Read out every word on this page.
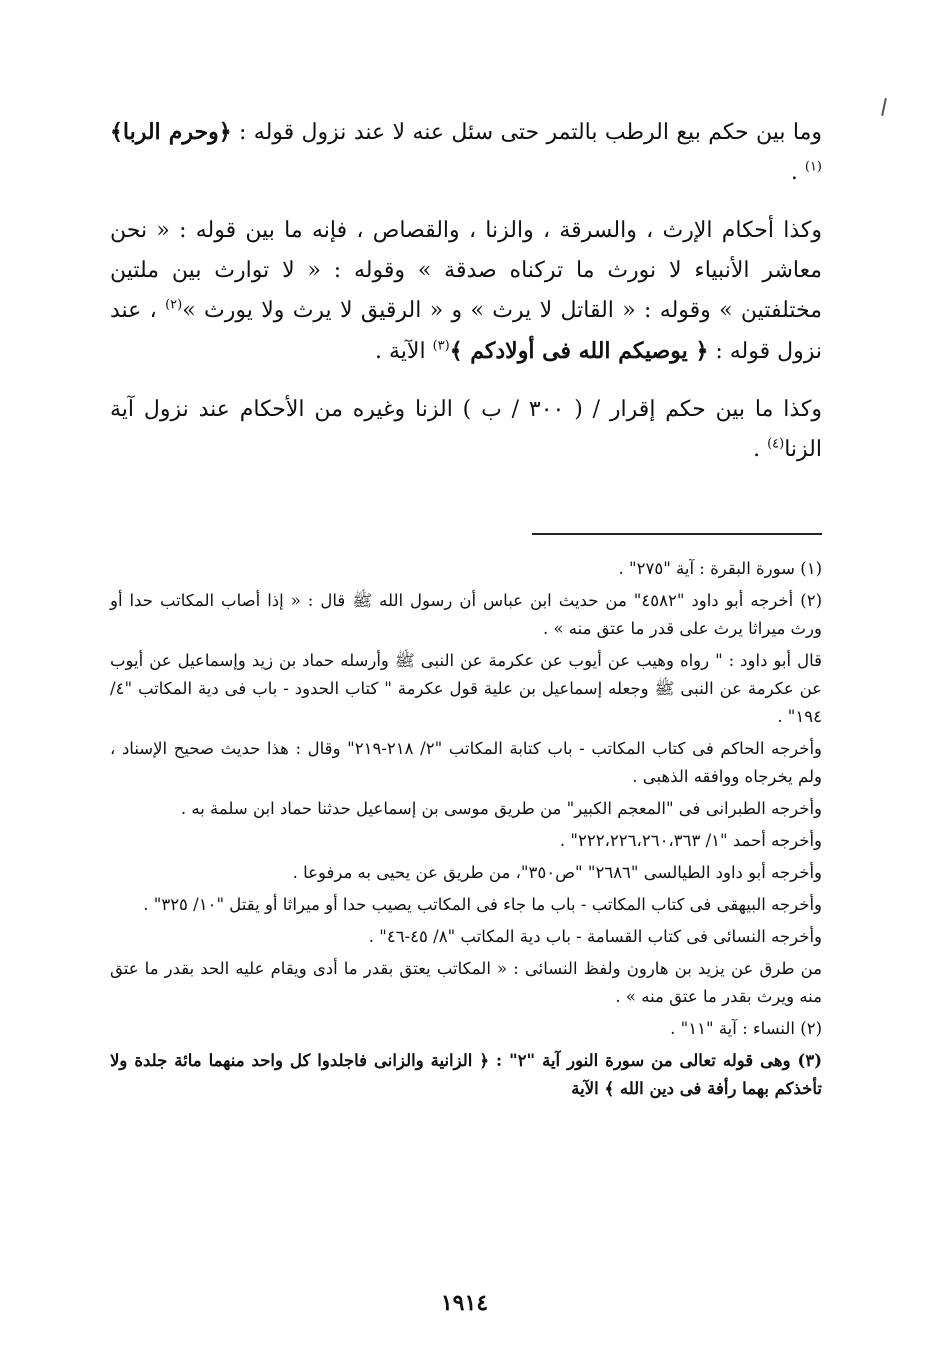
وما بين حكم بيع الرطب بالتمر حتى سئل عنه لا عند نزول قوله : ﴿وحرم الربا﴾ $^{(١)}$ .

وكذا أحكام الإرث ، والسرقة ، والزنا ، والقصاص ، فإنه ما بين قوله : « نحن معاشر الأنبياء لا نورث ما تركناه صدقة » وقوله : « لا توارث بين ملتين مختلفتين » وقوله : « القاتل لا يرث » و « الرقيق لا يرث ولا يورث »$^{(٢)}$ ، عند نزول قوله : ﴿ يوصيكم الله فى أولادكم ﴾$^{(٣)}$ الآية .

وكذا ما بين حكم إقرار / ( ٣٠٠ / ب ) الزنا وغيره من الأحكام عند نزول آية الزنا$^{(٤)}$ .

(١) سورة البقرة : آية "٢٧٥" .

(٢) أخرجه أبو داود "٤٥٨٢" من حديث ابن عباس أن رسول الله ﷺ قال : « إذا أصاب المكاتب حدا أو ورث ميراثا يرث على قدر ما عتق منه » .

قال أبو داود : " رواه وهيب عن أيوب عن عكرمة عن النبى ﷺ وأرسله حماد بن زيد وإسماعيل عن أيوب عن عكرمة عن النبى ﷺ وجعله إسماعيل بن علية قول عكرمة " كتاب الحدود - باب فى دية المكاتب "٤/ ١٩٤" .

وأخرجه الحاكم فى كتاب المكاتب - باب كتابة المكاتب "٢/ ٢١٨-٢١٩" وقال : هذا حديث صحيح الإسناد ، ولم يخرجاه ووافقه الذهبى .

وأخرجه الطبرانى فى "المعجم الكبير" من طريق موسى بن إسماعيل حدثنا حماد ابن سلمة به .

وأخرجه أحمد "١/ ٢٢٢،٢٢٦،٢٦٠،٣٦٣" .

وأخرجه أبو داود الطيالسى "٢٦٨٦" "ص٣٥٠"، من طريق عن يحيى به مرفوعا .

وأخرجه البيهقى فى كتاب المكاتب - باب ما جاء فى المكاتب يصيب حدا أو ميراثا أو يقتل "١٠/ ٣٢٥" .

وأخرجه النسائى فى كتاب القسامة - باب دية المكاتب "٨/ ٤٥-٤٦" .

من طرق عن يزيد بن هارون ولفظ النسائى : « المكاتب يعتق بقدر ما أدى ويقام عليه الحد بقدر ما عتق منه ويرث بقدر ما عتق منه » .

(٢) النساء : آية "١١" .

(٣) وهى قوله تعالى من سورة النور آية "٢" : ﴿ الزانية والزانى فاجلدوا كل واحد منهما مائة جلدة ولا تأخذكم بهما رأفة فى دين الله ﴾ الآية

١٩١٤
